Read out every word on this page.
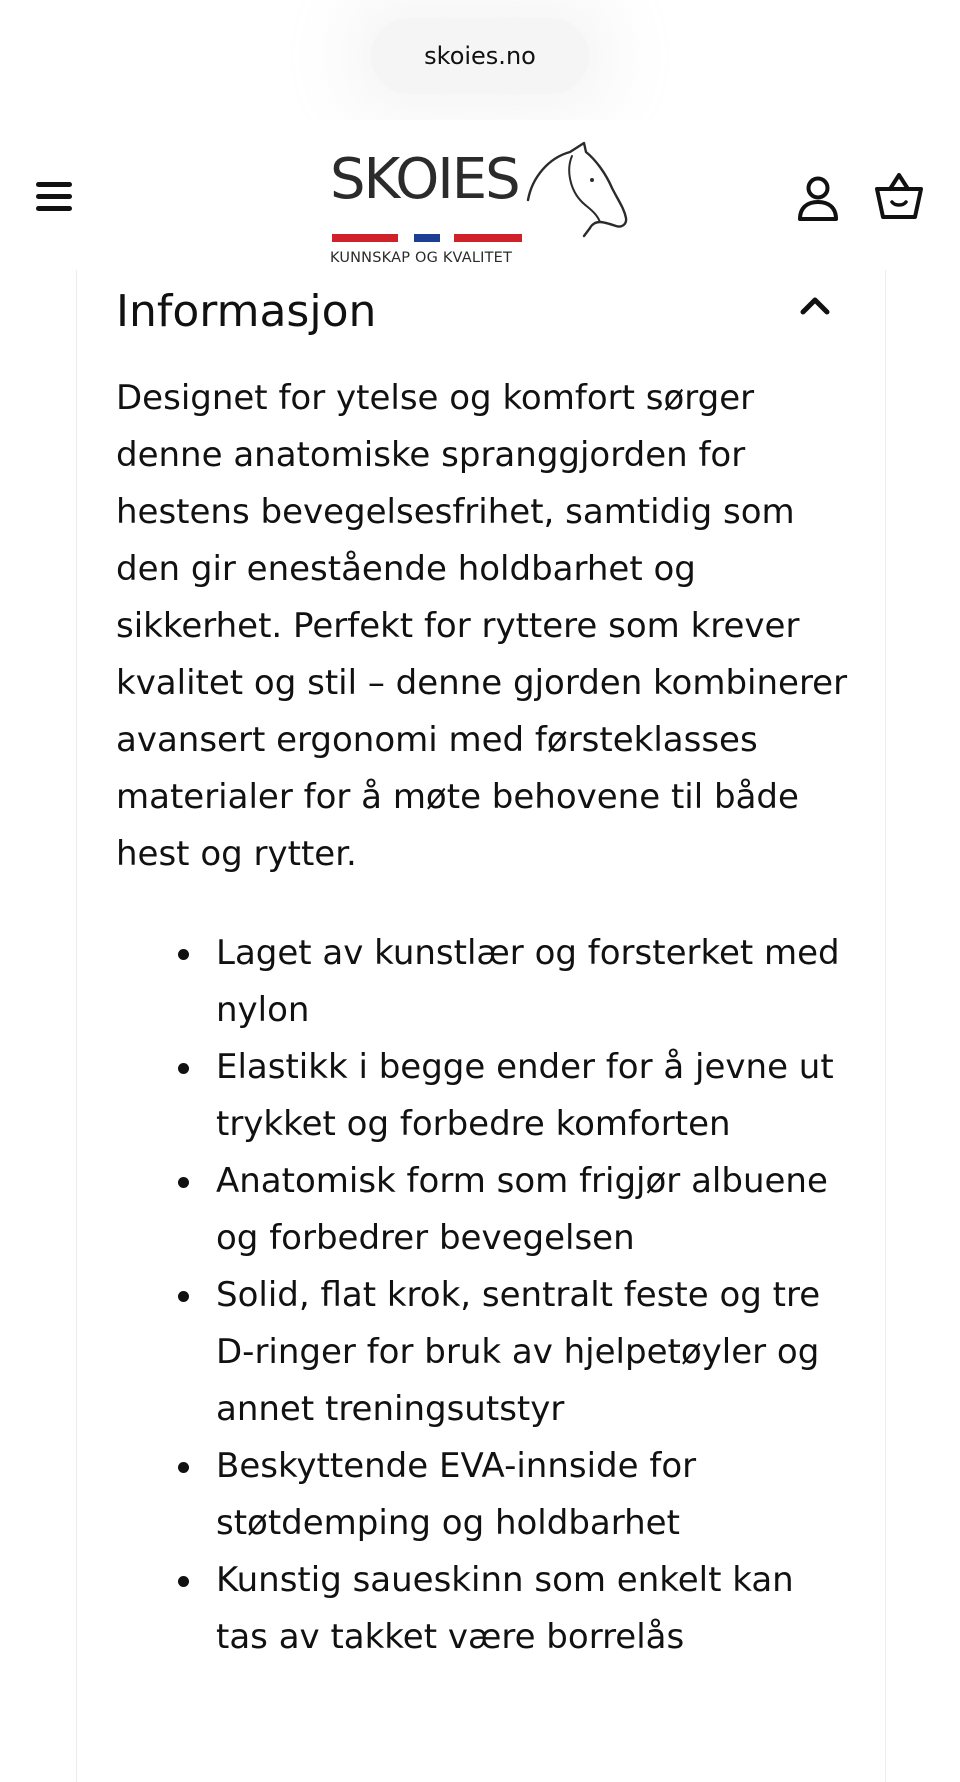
skoies.no
SKOIES
KUNNSKAP OG KVALITET
Informasjon

Designet for ytelse og komfort sørger denne anatomiske spranggjorden for hestens bevegelsesfrihet, samtidig som den gir enestående holdbarhet og sikkerhet. Perfekt for ryttere som krever kvalitet og stil – denne gjorden kombinerer avansert ergonomi med førsteklasses materialer for å møte behovene til både hest og rytter.

Laget av kunstlær og forsterket med nylon
Elastikk i begge ender for å jevne ut trykket og forbedre komforten
Anatomisk form som frigjør albuene og forbedrer bevegelsen
Solid, flat krok, sentralt feste og tre D-ringer for bruk av hjelpetøyler og annet treningsutstyr
Beskyttende EVA-innside for støtdemping og holdbarhet
Kunstig saueskinn som enkelt kan tas av takket være borrelås
